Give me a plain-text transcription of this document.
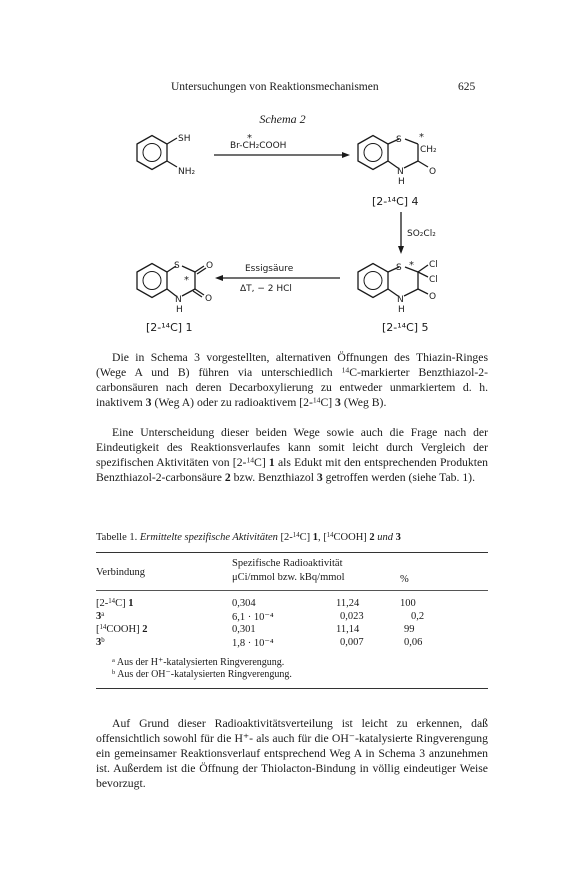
Untersuchungen von Reaktionsmechanismen	625
Schema 2
SH
NH₂
Br-CH₂COOH
*	S *
CH₂
O
N
H
[2-¹⁴C] 4
SO₂Cl₂
S * Cl
Cl
O
N
H
[2-¹⁴C] 5
Essigsäure
ΔT, − 2 HCl
S
*
O
O
N
H
[2-¹⁴C] 1

Die in Schema 3 vorgestellten, alternativen Öffnungen des Thiazin-Ringes (Wege A und B) führen via unterschiedlich $^{14}$C-markierter Benzthiazol-2-carbonsäuren nach deren Decarboxylierung zu entweder unmarkiertem d. h. inaktivem 3 (Weg A) oder zu radioaktivem [2-$^{14}$C] 3 (Weg B).

Eine Unterscheidung dieser beiden Wege sowie auch die Frage nach der Eindeutigkeit des Reaktionsverlaufes kann somit leicht durch Vergleich der spezifischen Aktivitäten von [2-$^{14}$C] 1 als Edukt mit den entsprechenden Produkten Benzthiazol-2-carbonsäure 2 bzw. Benzthiazol 3 getroffen werden (siehe Tab. 1).

Tabelle 1. Ermittelte spezifische Aktivitäten [2-$^{14}$C] 1, [$^{14}$COOH] 2 und 3
Verbindung
Spezifische Radioaktivität
μCi/mmol bzw. kBq/mmol	%
[2-$^{14}$C] 1	0,304	11,24	100
3$^a$	6,1 · 10⁻⁴	0,023	0,2
[$^{14}$COOH] 2	0,301	11,14	99
3$^b$	1,8 · 10⁻⁴	0,007	0,06
$^a$ Aus der H⁺-katalysierten Ringverengung.
$^b$ Aus der OH⁻-katalysierten Ringverengung.

Auf Grund dieser Radioaktivitätsverteilung ist leicht zu erkennen, daß offensichtlich sowohl für die H⁺- als auch für die OH⁻-katalysierte Ringverengung ein gemeinsamer Reaktionsverlauf entsprechend Weg A in Schema 3 anzunehmen ist. Außerdem ist die Öffnung der Thiolacton-Bindung in völlig eindeutiger Weise bevorzugt.
